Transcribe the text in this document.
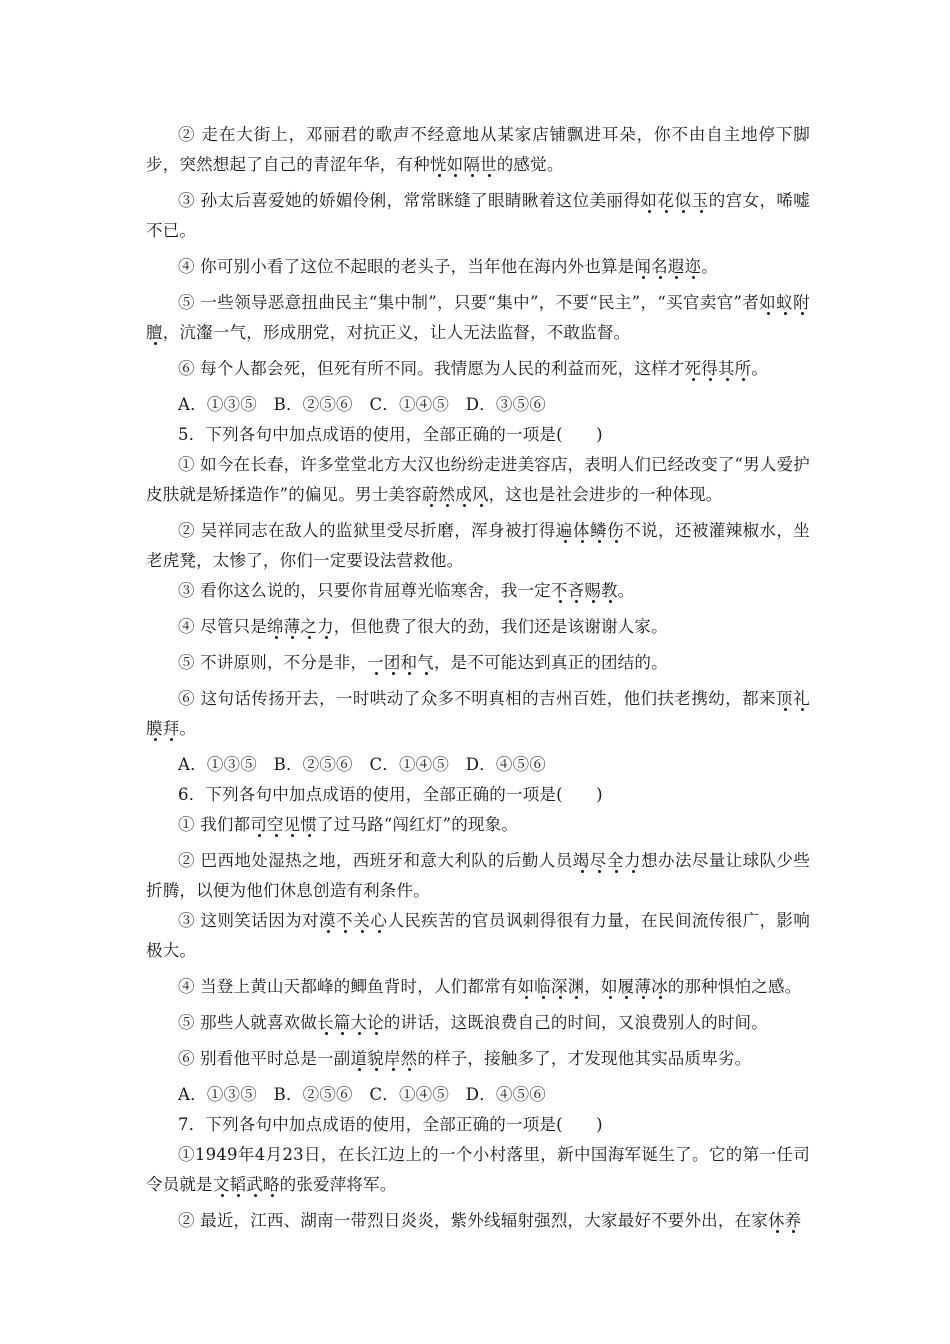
② 走在大街上，邓丽君的歌声不经意地从某家店铺飘进耳朵，你不由自主地停下脚步，突然想起了自己的青涩年华，有种恍如隔世的感觉。

③ 孙太后喜爱她的娇媚伶俐，常常眯缝了眼睛瞅着这位美丽得如花似玉的宫女，唏嘘不已。

④ 你可别小看了这位不起眼的老头子，当年他在海内外也算是闻名遐迩。

⑤ 一些领导恶意扭曲民主“集中制”，只要“集中”，不要“民主”，“买官卖官”者如蚁附膻，沆瀣一气，形成朋党，对抗正义，让人无法监督，不敢监督。

⑥ 每个人都会死，但死有所不同。我情愿为人民的利益而死，这样才死得其所。

A．①③⑤　B．②⑤⑥　C．①④⑤　D．③⑤⑥

5．下列各句中加点成语的使用，全部正确的一项是(　　)

① 如今在长春，许多堂堂北方大汉也纷纷走进美容店，表明人们已经改变了“男人爱护皮肤就是矫揉造作”的偏见。男士美容蔚然成风，这也是社会进步的一种体现。

② 吴祥同志在敌人的监狱里受尽折磨，浑身被打得遍体鳞伤不说，还被灌辣椒水，坐老虎凳，太惨了，你们一定要设法营救他。

③ 看你这么说的，只要你肯屈尊光临寒舍，我一定不吝赐教。

④ 尽管只是绵薄之力，但他费了很大的劲，我们还是该谢谢人家。

⑤ 不讲原则，不分是非，一团和气，是不可能达到真正的团结的。

⑥ 这句话传扬开去，一时哄动了众多不明真相的吉州百姓，他们扶老携幼，都来顶礼膜拜。

A．①③⑤　B．②⑤⑥　C．①④⑤　D．④⑤⑥

6．下列各句中加点成语的使用，全部正确的一项是(　　)

① 我们都司空见惯了过马路“闯红灯”的现象。

② 巴西地处湿热之地，西班牙和意大利队的后勤人员竭尽全力想办法尽量让球队少些折腾，以便为他们休息创造有利条件。

③ 这则笑话因为对漠不关心人民疾苦的官员讽刺得很有力量，在民间流传很广，影响极大。

④ 当登上黄山天都峰的鲫鱼背时，人们都常有如临深渊，如履薄冰的那种惧怕之感。

⑤ 那些人就喜欢做长篇大论的讲话，这既浪费自己的时间，又浪费别人的时间。

⑥ 别看他平时总是一副道貌岸然的样子，接触多了，才发现他其实品质卑劣。

A．①③⑤　B．②⑤⑥　C．①④⑤　D．④⑤⑥

7．下列各句中加点成语的使用，全部正确的一项是(　　)

①1949年4月23日，在长江边上的一个小村落里，新中国海军诞生了。它的第一任司令员就是文韬武略的张爱萍将军。

② 最近，江西、湖南一带烈日炎炎，紫外线辐射强烈，大家最好不要外出，在家休养
